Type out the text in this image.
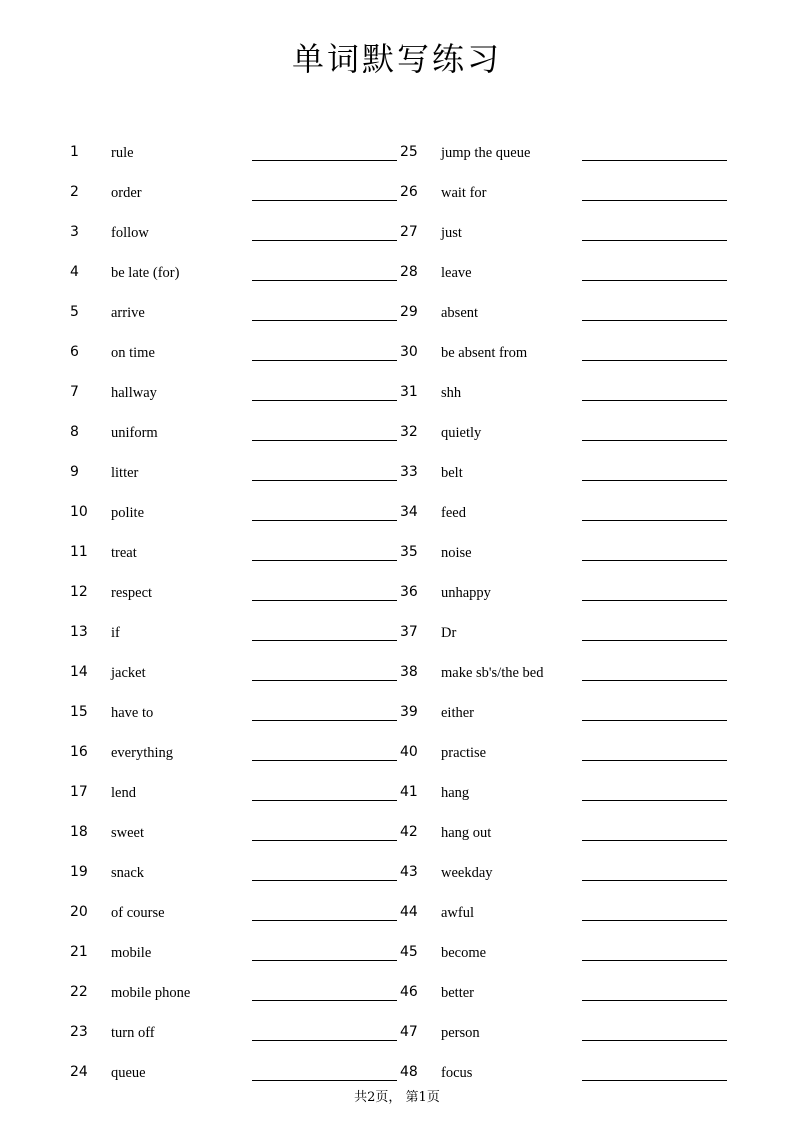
单词默写练习
1 rule	25 jump the queue
2 order	26 wait for
3 follow	27 just
4 be late (for)	28 leave
5 arrive	29 absent
6 on time	30 be absent from
7 hallway	31 shh
8 uniform	32 quietly
9 litter	33 belt
10 polite	34 feed
11 treat	35 noise
12 respect	36 unhappy
13 if	37 Dr
14 jacket	38 make sb's/the bed
15 have to	39 either
16 everything	40 practise
17 lend	41 hang
18 sweet	42 hang out
19 snack	43 weekday
20 of course	44 awful
21 mobile	45 become
22 mobile phone	46 better
23 turn off	47 person
24 queue	48 focus
共2页， 第1页
